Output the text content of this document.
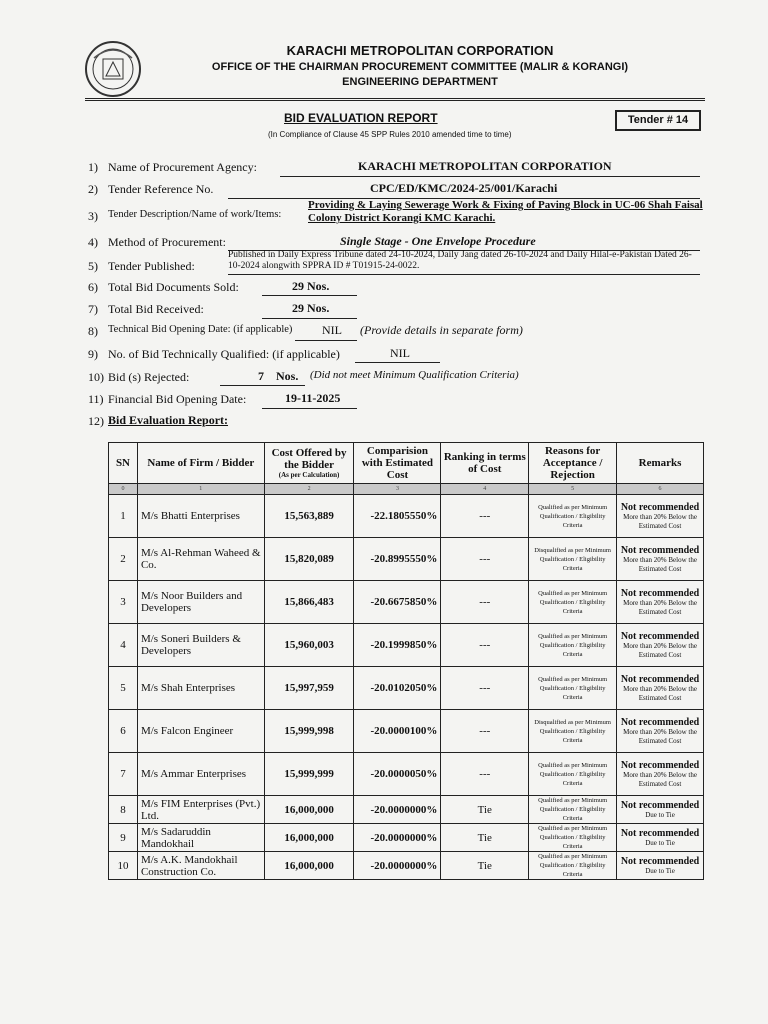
KARACHI METROPOLITAN CORPORATION
OFFICE OF THE CHAIRMAN PROCUREMENT COMMITTEE (MALIR & KORANGI)
ENGINEERING DEPARTMENT
BID EVALUATION REPORT	Tender # 14
(In Compliance of Clause 45 SPP Rules 2010 amended time to time)
1) Name of Procurement Agency:	KARACHI METROPOLITAN CORPORATION
2) Tender Reference No.	CPC/ED/KMC/2024-25/001/Karachi
3) Tender Description/Name of work/Items:
Providing & Laying Sewerage Work & Fixing of Paving Block in UC-06 Shah Faisal Colony District Korangi KMC Karachi.
4) Method of Procurement:	Single Stage - One Envelope Procedure
5) Tender Published:
Published in Daily Express Tribune dated 24-10-2024, Daily Jang dated 26-10-2024 and Daily Hilal-e-Pakistan Dated 26-10-2024 alongwith SPPRA ID # T01915-24-0022.
6) Total Bid Documents Sold:	29 Nos.
7) Total Bid Received:	29 Nos.
8) Technical Bid Opening Date: (if applicable) NIL (Provide details in separate form)
9) No. of Bid Technically Qualified: (if applicable)	NIL
10) Bid (s) Rejected:	7 Nos. (Did not meet Minimum Qualification Criteria)
11) Financial Bid Opening Date:	19-11-2025
12) Bid Evaluation Report:
SN	Name of Firm / Bidder	Cost Offered by the Bidder
(As per Calculation)	Comparision with Estimated Cost	Ranking in terms of Cost	Reasons for Acceptance / Rejection	Remarks
0	1	2	3	4	5	6
1	M/s Bhatti Enterprises	15,563,889	-22.1805550%	---	Qualified as per Minimum Qualification / Eligibility Criteria	Not recommended
More than 20% Below the Estimated Cost
2	M/s Al-Rehman Waheed & Co.	15,820,089	-20.8995550%	---	Disqualified as per Minimum Qualification / Eligibility Criteria	Not recommended
More than 20% Below the Estimated Cost
3	M/s Noor Builders and Developers	15,866,483	-20.6675850%	---	Qualified as per Minimum Qualification / Eligibility Criteria	Not recommended
More than 20% Below the Estimated Cost
4	M/s Soneri Builders & Developers	15,960,003	-20.1999850%	---	Qualified as per Minimum Qualification / Eligibility Criteria	Not recommended
More than 20% Below the Estimated Cost
5	M/s Shah Enterprises	15,997,959	-20.0102050%	---	Qualified as per Minimum Qualification / Eligibility Criteria	Not recommended
More than 20% Below the Estimated Cost
6	M/s Falcon Engineer	15,999,998	-20.0000100%	---	Disqualified as per Minimum Qualification / Eligibility Criteria	Not recommended
More than 20% Below the Estimated Cost
7	M/s Ammar Enterprises	15,999,999	-20.0000050%	---	Qualified as per Minimum Qualification / Eligibility Criteria	Not recommended
More than 20% Below the Estimated Cost
8	M/s FIM Enterprises (Pvt.) Ltd.	16,000,000	-20.0000000%	Tie	Qualified as per Minimum Qualification / Eligibility Criteria	Not recommended
Due to Tie
9	M/s Sadaruddin Mandokhail	16,000,000	-20.0000000%	Tie	Qualified as per Minimum Qualification / Eligibility Criteria	Not recommended
Due to Tie
10	M/s A.K. Mandokhail Construction Co.	16,000,000	-20.0000000%	Tie	Qualified as per Minimum Qualification / Eligibility Criteria	Not recommended
Due to Tie
